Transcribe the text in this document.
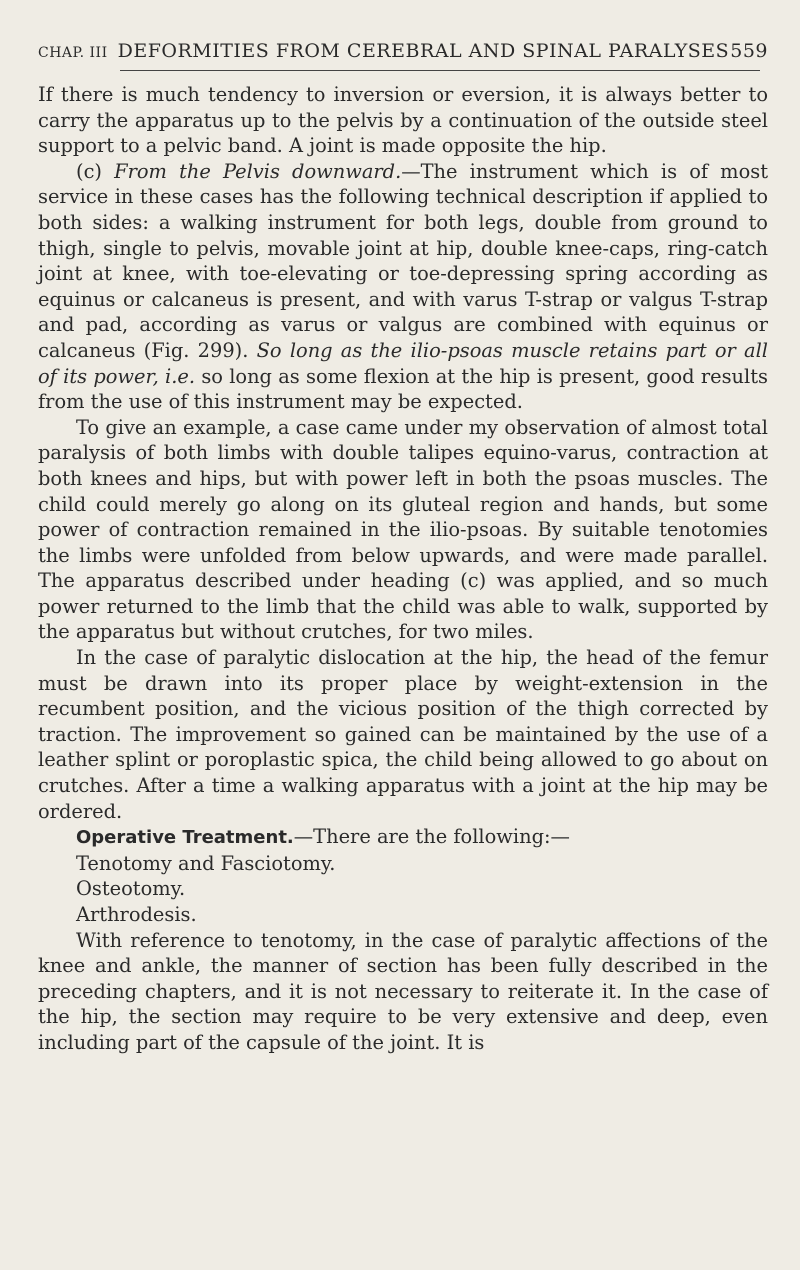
CHAP. III DEFORMITIES FROM CEREBRAL AND SPINAL PARALYSES 559

If there is much tendency to inversion or eversion, it is always better to carry the apparatus up to the pelvis by a continuation of the outside steel support to a pelvic band. A joint is made opposite the hip.

(c) From the Pelvis downward.—The instrument which is of most service in these cases has the following technical description if applied to both sides: a walking instrument for both legs, double from ground to thigh, single to pelvis, movable joint at hip, double knee-caps, ring-catch joint at knee, with toe-elevating or toe-depressing spring according as equinus or calcaneus is present, and with varus T-strap or valgus T-strap and pad, according as varus or valgus are combined with equinus or calcaneus (Fig. 299). So long as the ilio-psoas muscle retains part or all of its power, i.e. so long as some flexion at the hip is present, good results from the use of this instrument may be expected.

To give an example, a case came under my observation of almost total paralysis of both limbs with double talipes equino-varus, contraction at both knees and hips, but with power left in both the psoas muscles. The child could merely go along on its gluteal region and hands, but some power of contraction remained in the ilio-psoas. By suitable tenotomies the limbs were unfolded from below upwards, and were made parallel. The apparatus described under heading (c) was applied, and so much power returned to the limb that the child was able to walk, supported by the apparatus but without crutches, for two miles.

In the case of paralytic dislocation at the hip, the head of the femur must be drawn into its proper place by weight-extension in the recumbent position, and the vicious position of the thigh corrected by traction. The improvement so gained can be maintained by the use of a leather splint or poroplastic spica, the child being allowed to go about on crutches. After a time a walking apparatus with a joint at the hip may be ordered.

Operative Treatment.—There are the following:—

Tenotomy and Fasciotomy.

Osteotomy.

Arthrodesis.

With reference to tenotomy, in the case of paralytic affections of the knee and ankle, the manner of section has been fully described in the preceding chapters, and it is not necessary to reiterate it. In the case of the hip, the section may require to be very extensive and deep, even including part of the capsule of the joint. It is
